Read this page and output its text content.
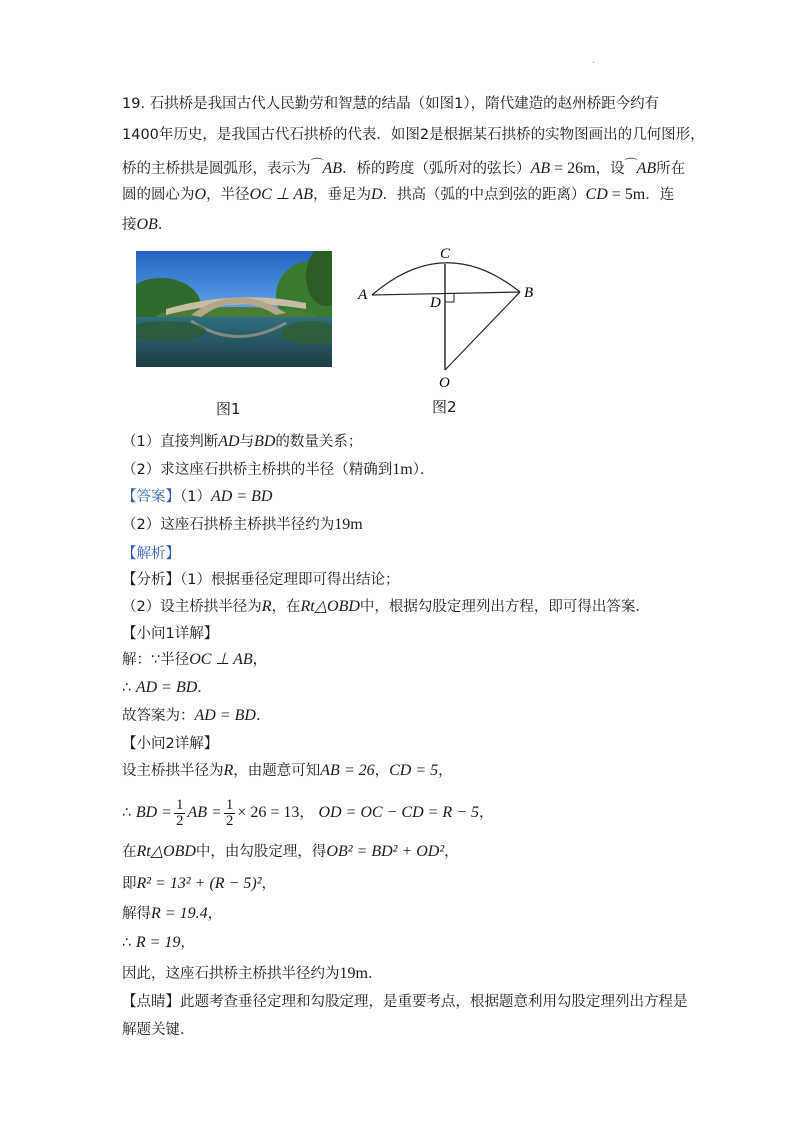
·
19. 石拱桥是我国古代人民勤劳和智慧的结晶（如图1），隋代建造的赵州桥距今约有
1400年历史，是我国古代石拱桥的代表．如图2是根据某石拱桥的实物图画出的几何图形，
桥的主桥拱是圆弧形，表示为⌒AB．桥的跨度（弧所对的弦长）AB = 26m，设⌒AB所在
圆的圆心为O，半径OC ⊥ AB，垂足为D．拱高（弧的中点到弦的距离）CD = 5m．连
接OB．
图1
C
A	B
D
O
图2
（1）直接判断AD与BD的数量关系；
（2）求这座石拱桥主桥拱的半径（精确到1m）．
【答案】（1）AD = BD
（2）这座石拱桥主桥拱半径约为19m
【解析】
【分析】（1）根据垂径定理即可得出结论；
（2）设主桥拱半径为R，在Rt△OBD中，根据勾股定理列出方程，即可得出答案．
【小问1详解】
解：∵半径OC ⊥ AB，
∴ AD = BD．
故答案为：AD = BD．
【小问2详解】
设主桥拱半径为R，由题意可知AB = 26，CD = 5，
∴ BD = $\frac{1}{2}$ AB = $\frac{1}{2} \times 26 = 13$， OD = OC − CD = R − 5，
在Rt△OBD中，由勾股定理，得OB² = BD² + OD²，
即R² = 13² + (R − 5)²，
解得R = 19.4，
∴ R = 19，
因此，这座石拱桥主桥拱半径约为19m．
【点睛】此题考查垂径定理和勾股定理，是重要考点，根据题意利用勾股定理列出方程是
解题关键．
